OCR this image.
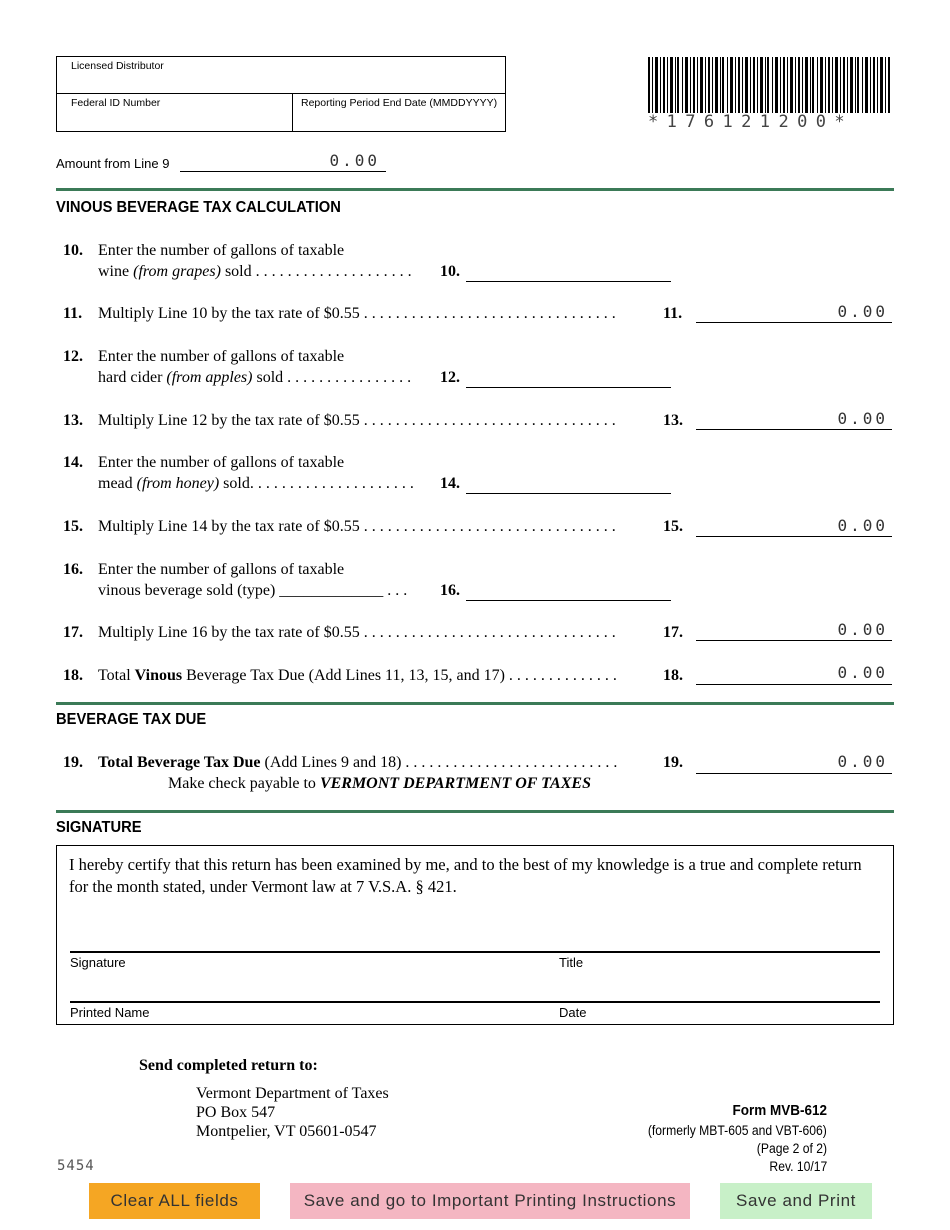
Licensed Distributor
Federal ID Number	Reporting Period End Date (MMDDYYYY)
*176121200*
Amount from Line 9	0.00
VINOUS BEVERAGE TAX CALCULATION
10. Enter the number of gallons of taxable
wine (from grapes) sold . . . . . . . . . . . . . . . . . . . . 10.
11. Multiply Line 10 by the tax rate of $0.55 . . . . . . . . . . . . . . . . . . . . . . . . . . . . . . . .	11.	0.00
12. Enter the number of gallons of taxable
hard cider (from apples) sold . . . . . . . . . . . . . . . . 12.
13. Multiply Line 12 by the tax rate of $0.55 . . . . . . . . . . . . . . . . . . . . . . . . . . . . . . . .	13.	0.00
14. Enter the number of gallons of taxable
mead (from honey) sold. . . . . . . . . . . . . . . . . . . . . 14.
15. Multiply Line 14 by the tax rate of $0.55 . . . . . . . . . . . . . . . . . . . . . . . . . . . . . . . .	15.	0.00
16. Enter the number of gallons of taxable
vinous beverage sold (type) _____________ . . . 16.
17. Multiply Line 16 by the tax rate of $0.55 . . . . . . . . . . . . . . . . . . . . . . . . . . . . . . . .	17.	0.00
18. Total Vinous Beverage Tax Due (Add Lines 11, 13, 15, and 17) . . . . . . . . . . . . . .	18.	0.00
BEVERAGE TAX DUE
19. Total Beverage Tax Due (Add Lines 9 and 18) . . . . . . . . . . . . . . . . . . . . . . . . . . .	19.	0.00
Make check payable to VERMONT DEPARTMENT OF TAXES
SIGNATURE
I hereby certify that this return has been examined by me, and to the best of my knowledge is a true and complete return for the month stated, under Vermont law at 7 V.S.A. § 421.
Signature	Title
Printed Name	Date
Send completed return to:
Vermont Department of Taxes
PO Box 547
Montpelier, VT 05601-0547
Form MVB-612
(formerly MBT-605 and VBT-606)
(Page 2 of 2)
Rev. 10/17
5454
Clear ALL fields	Save and go to Important Printing Instructions	Save and Print
